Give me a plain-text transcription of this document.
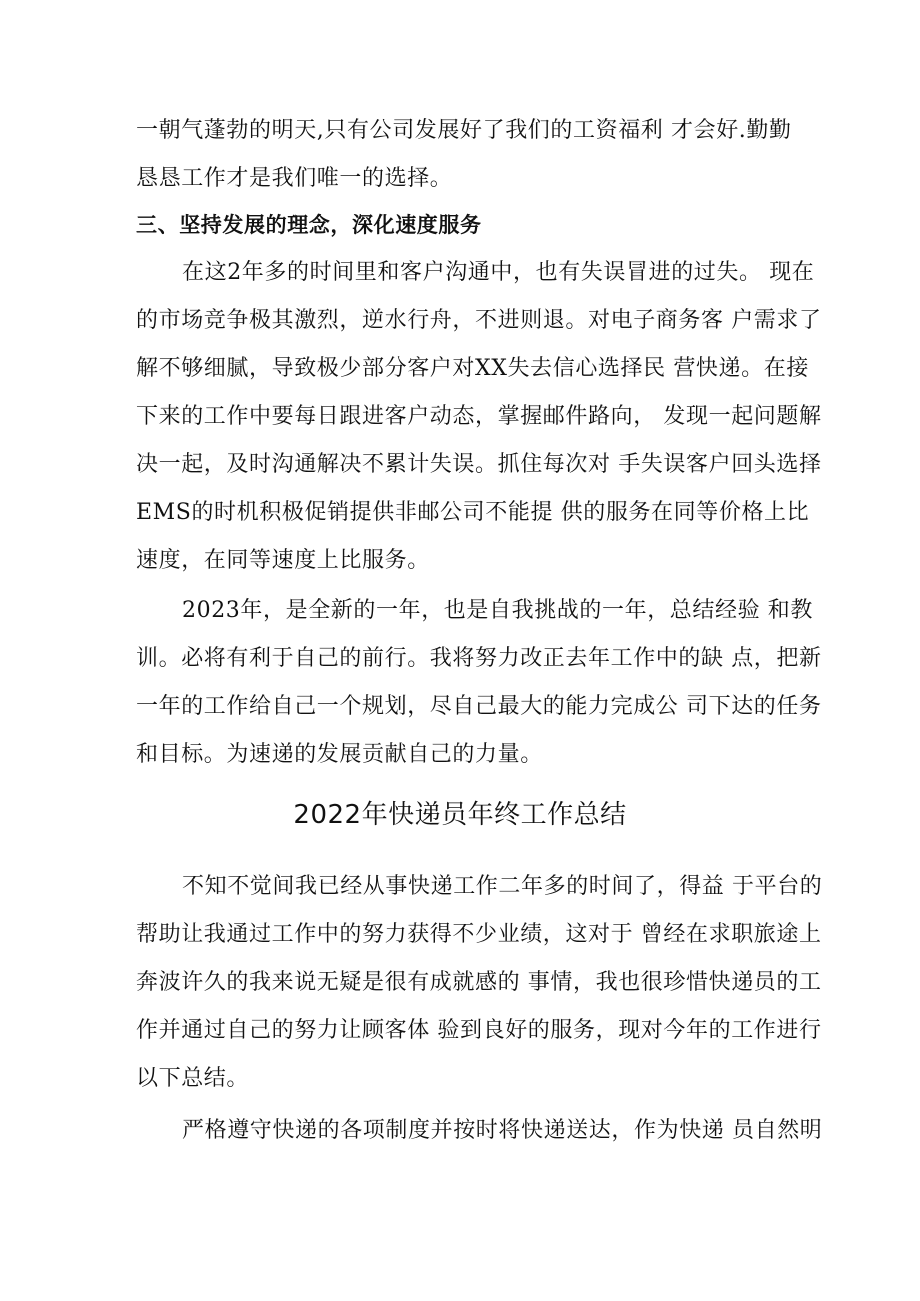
一朝气蓬勃的明天,只有公司发展好了我们的工资福利 才会好.勤勤
恳恳工作才是我们唯一的选择。
三、坚持发展的理念，深化速度服务
在这2年多的时间里和客户沟通中，也有失误冒进的过失。 现在
的市场竞争极其激烈，逆水行舟，不进则退。对电子商务客 户需求了
解不够细腻，导致极少部分客户对XX失去信心选择民 营快递。在接
下来的工作中要每日跟进客户动态，掌握邮件路向， 发现一起问题解
决一起，及时沟通解决不累计失误。抓住每次对 手失误客户回头选择
EMS的时机积极促销提供非邮公司不能提 供的服务在同等价格上比
速度，在同等速度上比服务。
2023年，是全新的一年，也是自我挑战的一年，总结经验 和教
训。必将有利于自己的前行。我将努力改正去年工作中的缺 点，把新
一年的工作给自己一个规划，尽自己最大的能力完成公 司下达的任务
和目标。为速递的发展贡献自己的力量。
2022年快递员年终工作总结
不知不觉间我已经从事快递工作二年多的时间了，得益 于平台的
帮助让我通过工作中的努力获得不少业绩，这对于 曾经在求职旅途上
奔波许久的我来说无疑是很有成就感的 事情，我也很珍惜快递员的工
作并通过自己的努力让顾客体 验到良好的服务，现对今年的工作进行
以下总结。
严格遵守快递的各项制度并按时将快递送达，作为快递 员自然明
